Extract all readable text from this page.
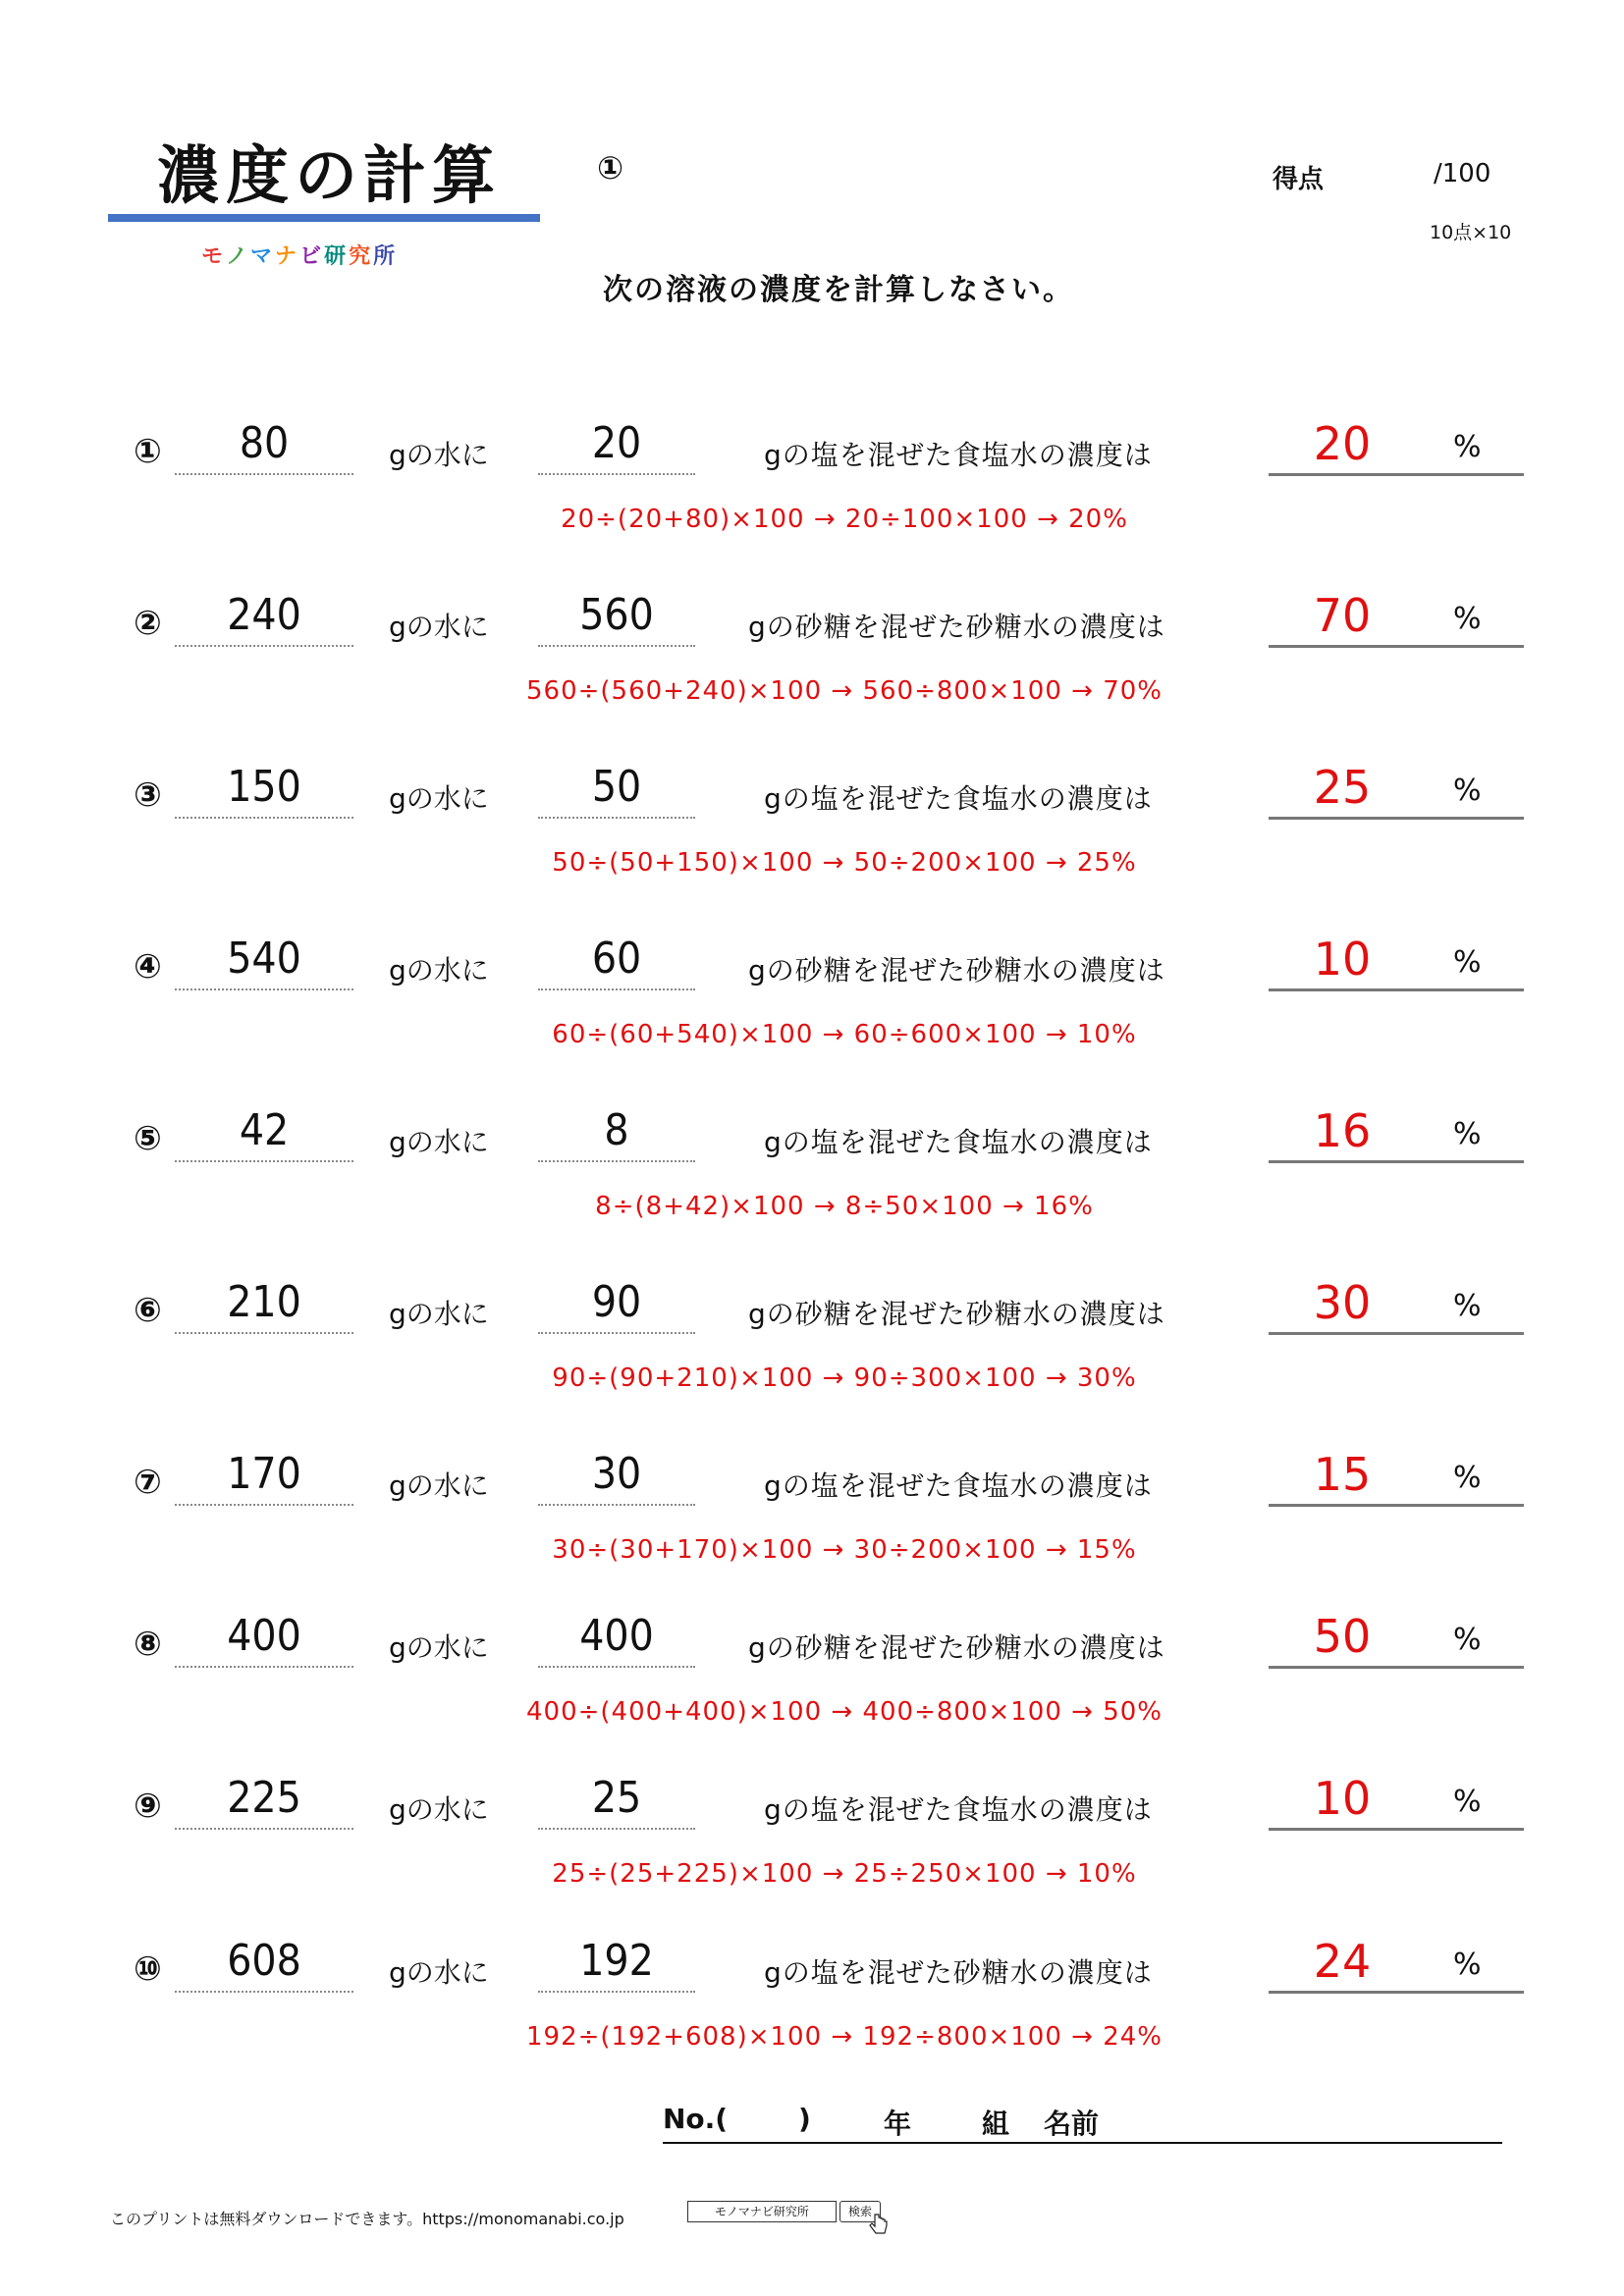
濃度の計算
モノマナビ研究所
①	得点	/100
10点×10
次の溶液の濃度を計算しなさい。
①	80	gの水に	20	gの塩を混ぜた食塩水の濃度は	20	%
20÷(20+80)×100 → 20÷100×100 → 20%
②	240	gの水に	560	gの砂糖を混ぜた砂糖水の濃度は	70	%
560÷(560+240)×100 → 560÷800×100 → 70%
③	150	gの水に	50	gの塩を混ぜた食塩水の濃度は	25	%
50÷(50+150)×100 → 50÷200×100 → 25%
④	540	gの水に	60	gの砂糖を混ぜた砂糖水の濃度は	10	%
60÷(60+540)×100 → 60÷600×100 → 10%
⑤	42	gの水に	8	gの塩を混ぜた食塩水の濃度は	16	%
8÷(8+42)×100 → 8÷50×100 → 16%
⑥	210	gの水に	90	gの砂糖を混ぜた砂糖水の濃度は	30	%
90÷(90+210)×100 → 90÷300×100 → 30%
⑦	170	gの水に	30	gの塩を混ぜた食塩水の濃度は	15	%
30÷(30+170)×100 → 30÷200×100 → 15%
⑧	400	gの水に	400	gの砂糖を混ぜた砂糖水の濃度は	50	%
400÷(400+400)×100 → 400÷800×100 → 50%
⑨	225	gの水に	25	gの塩を混ぜた食塩水の濃度は	10	%
25÷(25+225)×100 → 25÷250×100 → 10%
⑩	608	gの水に	192	gの塩を混ぜた砂糖水の濃度は	24	%
192÷(192+608)×100 → 192÷800×100 → 24%
No.(	)	年	組 名前
このプリントは無料ダウンロードできます。https://monomanabi.co.jp	モノマナビ研究所	検索
